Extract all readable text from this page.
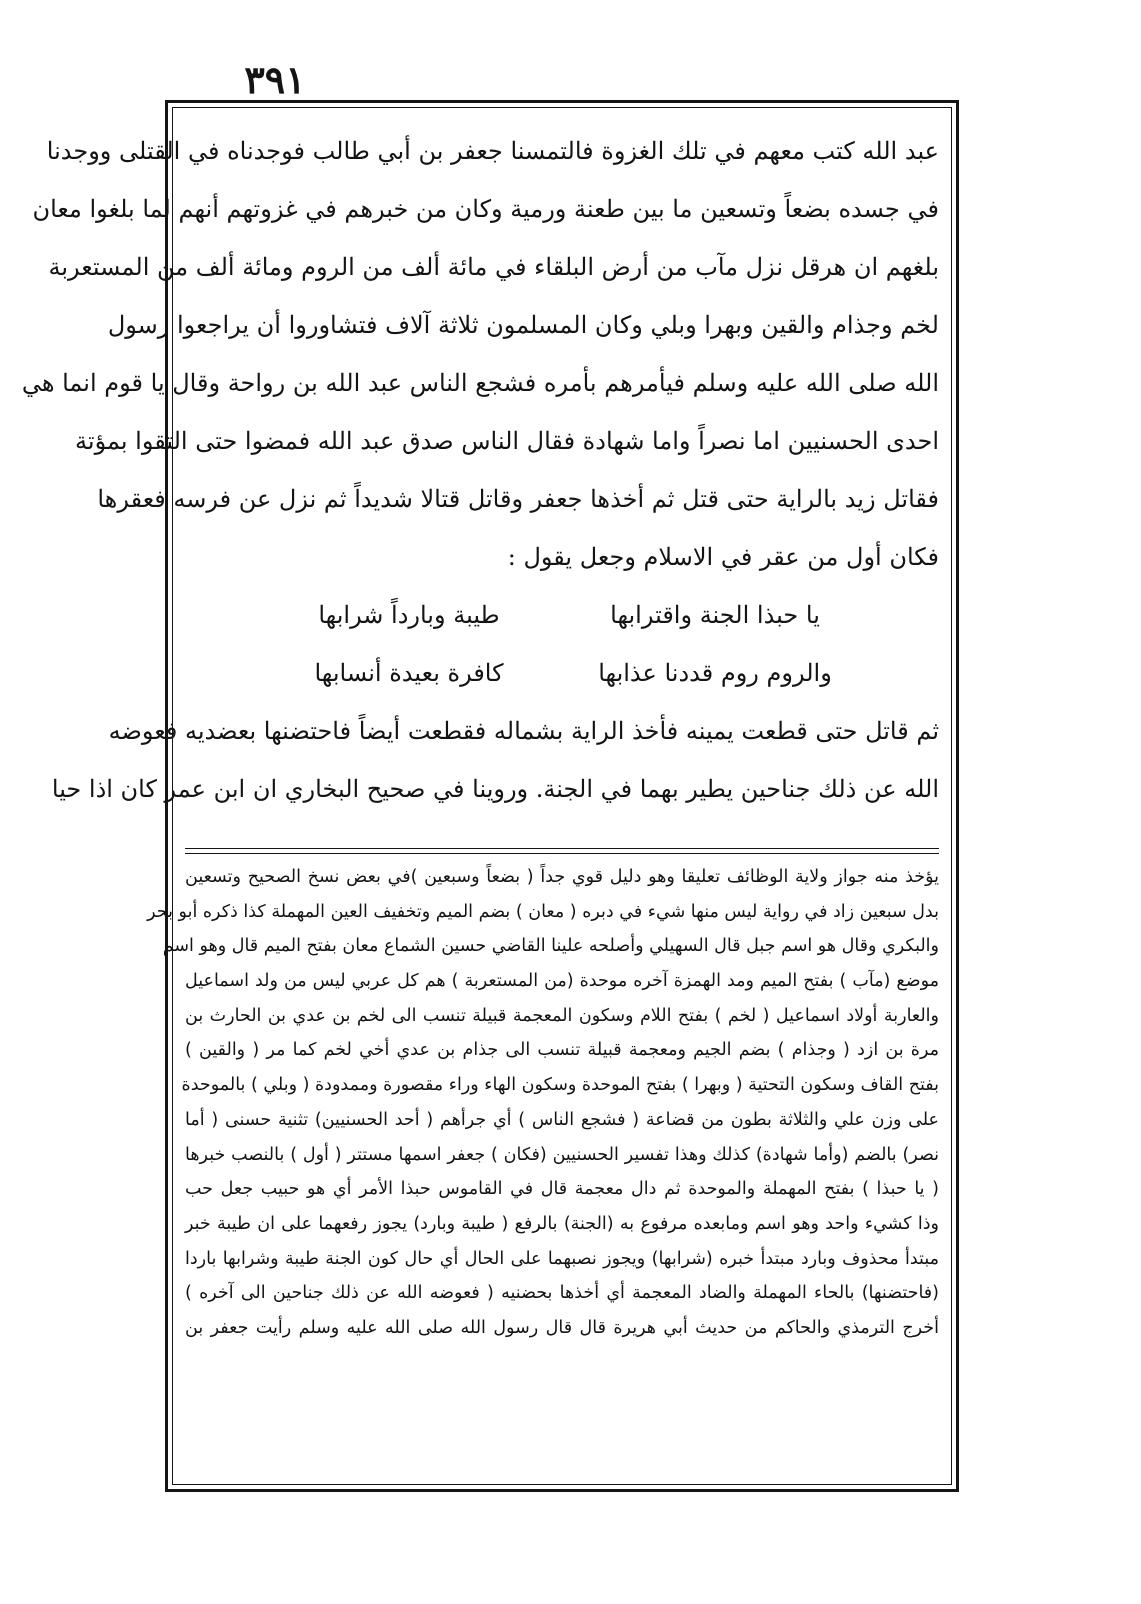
٣٩١
عبد الله كتب معهم في تلك الغزوة فالتمسنا جعفر بن أبي طالب فوجدناه في القتلى ووجدنا
في جسده بضعاً وتسعين ما بين طعنة ورمية وكان من خبرهم في غزوتهم أنهم لما بلغوا معان
بلغهم ان هرقل نزل مآب من أرض البلقاء في مائة ألف من الروم ومائة ألف من المستعربة
لخم وجذام والقين وبهرا وبلي وكان المسلمون ثلاثة آلاف فتشاوروا أن يراجعوا رسول
الله صلى الله عليه وسلم فيأمرهم بأمره فشجع الناس عبد الله بن رواحة وقال يا قوم انما هي
احدى الحسنيين اما نصراً واما شهادة فقال الناس صدق عبد الله فمضوا حتى التقوا بمؤتة
فقاتل زيد بالراية حتى قتل ثم أخذها جعفر وقاتل قتالا شديداً ثم نزل عن فرسه فعقرها
فكان أول من عقر في الاسلام وجعل يقول :
يا حبذا الجنة واقترابها
طيبة وبارداً شرابها
والروم روم قددنا عذابها
كافرة بعيدة أنسابها
ثم قاتل حتى قطعت يمينه فأخذ الراية بشماله فقطعت أيضاً فاحتضنها بعضديه فعوضه
الله عن ذلك جناحين يطير بهما في الجنة. وروينا في صحيح البخاري ان ابن عمر كان اذا حيا
يؤخذ منه جواز ولاية الوظائف تعليقا وهو دليل قوي جداً ( بضعاً وسبعين )في بعض نسخ الصحيح وتسعين
بدل سبعين زاد في رواية ليس منها شيء في دبره ( معان ) بضم الميم وتخفيف العين المهملة كذا ذكره أبو بحر
والبكري وقال هو اسم جبل قال السهيلي وأصلحه علينا القاضي حسين الشماع معان بفتح الميم قال وهو اسم
موضع (مآب ) بفتح الميم ومد الهمزة آخره موحدة (من المستعربة ) هم كل عربي ليس من ولد اسماعيل
والعاربة أولاد اسماعيل ( لخم ) بفتح اللام وسكون المعجمة قبيلة تنسب الى لخم بن عدي بن الحارث بن
مرة بن ازد ( وجذام ) بضم الجيم ومعجمة قبيلة تنسب الى جذام بن عدي أخي لخم كما مر ( والقين )
بفتح القاف وسكون التحتية ( وبهرا ) بفتح الموحدة وسكون الهاء وراء مقصورة وممدودة ( وبلي ) بالموحدة
على وزن علي والثلاثة بطون من قضاعة ( فشجع الناس ) أي جرأهم ( أحد الحسنيين) تثنية حسنى ( أما
نصر) بالضم (وأما شهادة) كذلك وهذا تفسير الحسنيين (فكان ) جعفر اسمها مستتر ( أول ) بالنصب خبرها
( يا حبذا ) بفتح المهملة والموحدة ثم دال معجمة قال في القاموس حبذا الأمر أي هو حبيب جعل حب
وذا كشيء واحد وهو اسم ومابعده مرفوع به (الجنة) بالرفع ( طيبة وبارد) يجوز رفعهما على ان طيبة خبر
مبتدأ محذوف وبارد مبتدأ خبره (شرابها) ويجوز نصبهما على الحال أي حال كون الجنة طيبة وشرابها باردا
(فاحتضنها) بالحاء المهملة والضاد المعجمة أي أخذها بحضنيه ( فعوضه الله عن ذلك جناحين الى آخره )
أخرج الترمذي والحاكم من حديث أبي هريرة قال قال رسول الله صلى الله عليه وسلم رأيت جعفر بن
